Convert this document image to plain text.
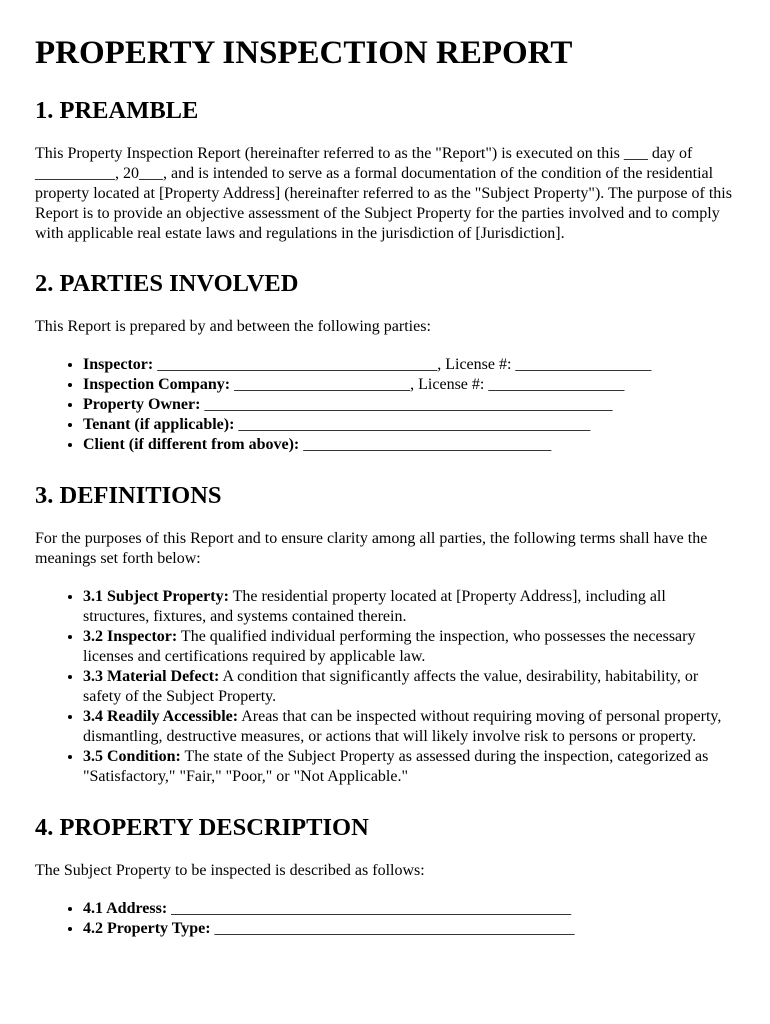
PROPERTY INSPECTION REPORT
1. PREAMBLE

This Property Inspection Report (hereinafter referred to as the "Report") is executed on this ___ day of __________, 20___, and is intended to serve as a formal documentation of the condition of the residential property located at [Property Address] (hereinafter referred to as the "Subject Property"). The purpose of this Report is to provide an objective assessment of the Subject Property for the parties involved and to comply with applicable real estate laws and regulations in the jurisdiction of [Jurisdiction].

2. PARTIES INVOLVED

This Report is prepared by and between the following parties:

• Inspector: ___________________________________, License #: _________________
• Inspection Company: ______________________, License #: _________________
• Property Owner: ___________________________________________________
• Tenant (if applicable): ____________________________________________
• Client (if different from above): _______________________________
3. DEFINITIONS

For the purposes of this Report and to ensure clarity among all parties, the following terms shall have the meanings set forth below:

• 3.1 Subject Property: The residential property located at [Property Address], including all structures, fixtures, and systems contained therein.
• 3.2 Inspector: The qualified individual performing the inspection, who possesses the necessary licenses and certifications required by applicable law.
• 3.3 Material Defect: A condition that significantly affects the value, desirability, habitability, or safety of the Subject Property.
• 3.4 Readily Accessible: Areas that can be inspected without requiring moving of personal property, dismantling, destructive measures, or actions that will likely involve risk to persons or property.
• 3.5 Condition: The state of the Subject Property as assessed during the inspection, categorized as "Satisfactory," "Fair," "Poor," or "Not Applicable."
4. PROPERTY DESCRIPTION

The Subject Property to be inspected is described as follows:

• 4.1 Address: __________________________________________________
• 4.2 Property Type: _____________________________________________
